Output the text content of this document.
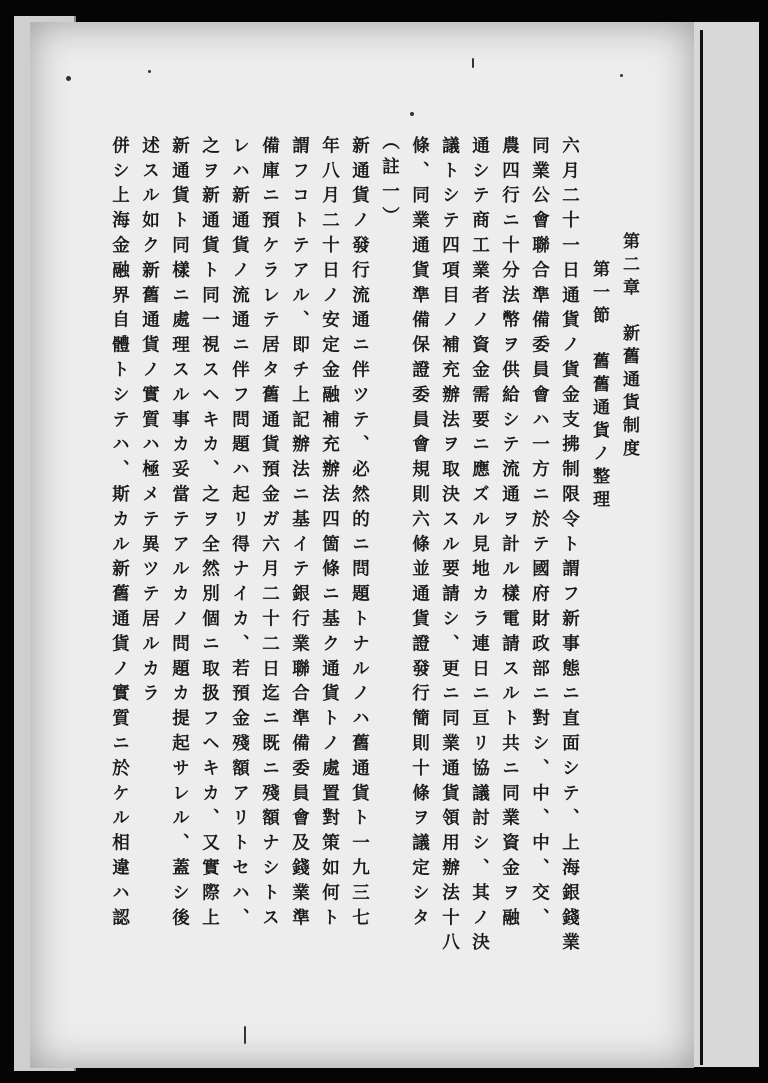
第二章　新舊通貨制度
第一節　舊舊通貨ノ整理
六月二十一日通貨ノ貨金支拂制限令ト謂フ新事態ニ直面シテ、上海銀錢業
同業公會聯合準備委員會ハ一方ニ於テ國府財政部ニ對シ、中、中、交、
農四行ニ十分法幣ヲ供給シテ流通ヲ計ル樣電請スルト共ニ同業資金ヲ融
通シテ商工業者ノ資金需要ニ應ズル見地カラ連日ニ亘リ協議討シ、其ノ決
議トシテ四項目ノ補充辦法ヲ取決スル要請シ、更ニ同業通貨領用辦法十八
條、同業通貨準備保證委員會規則六條並通貨證發行簡則十條ヲ議定シタ
（註一）
新通貨ノ發行流通ニ伴ツテ、必然的ニ問題トナルノハ舊通貨ト一九三七
年八月二十日ノ安定金融補充辦法四箇條ニ基ク通貨トノ處置對策如何ト
謂フコトテアル、即チ上記辦法ニ基イテ銀行業聯合準備委員會及錢業準
備庫ニ預ケラレテ居タ舊通貨預金ガ六月二十二日迄ニ既ニ殘額ナシトス
レハ新通貨ノ流通ニ伴フ問題ハ起リ得ナイカ、若預金殘額アリトセハ、
之ヲ新通貨ト同一視スヘキカ、之ヲ全然別個ニ取扱フヘキカ、又實際上
新通貨ト同樣ニ處理スル事カ妥當テアルカノ問題カ提起サレル、蓋シ後
述スル如ク新舊通貨ノ實質ハ極メテ異ツテ居ルカラ
併シ上海金融界自體トシテハ、斯カル新舊通貨ノ實質ニ於ケル相違ハ認
